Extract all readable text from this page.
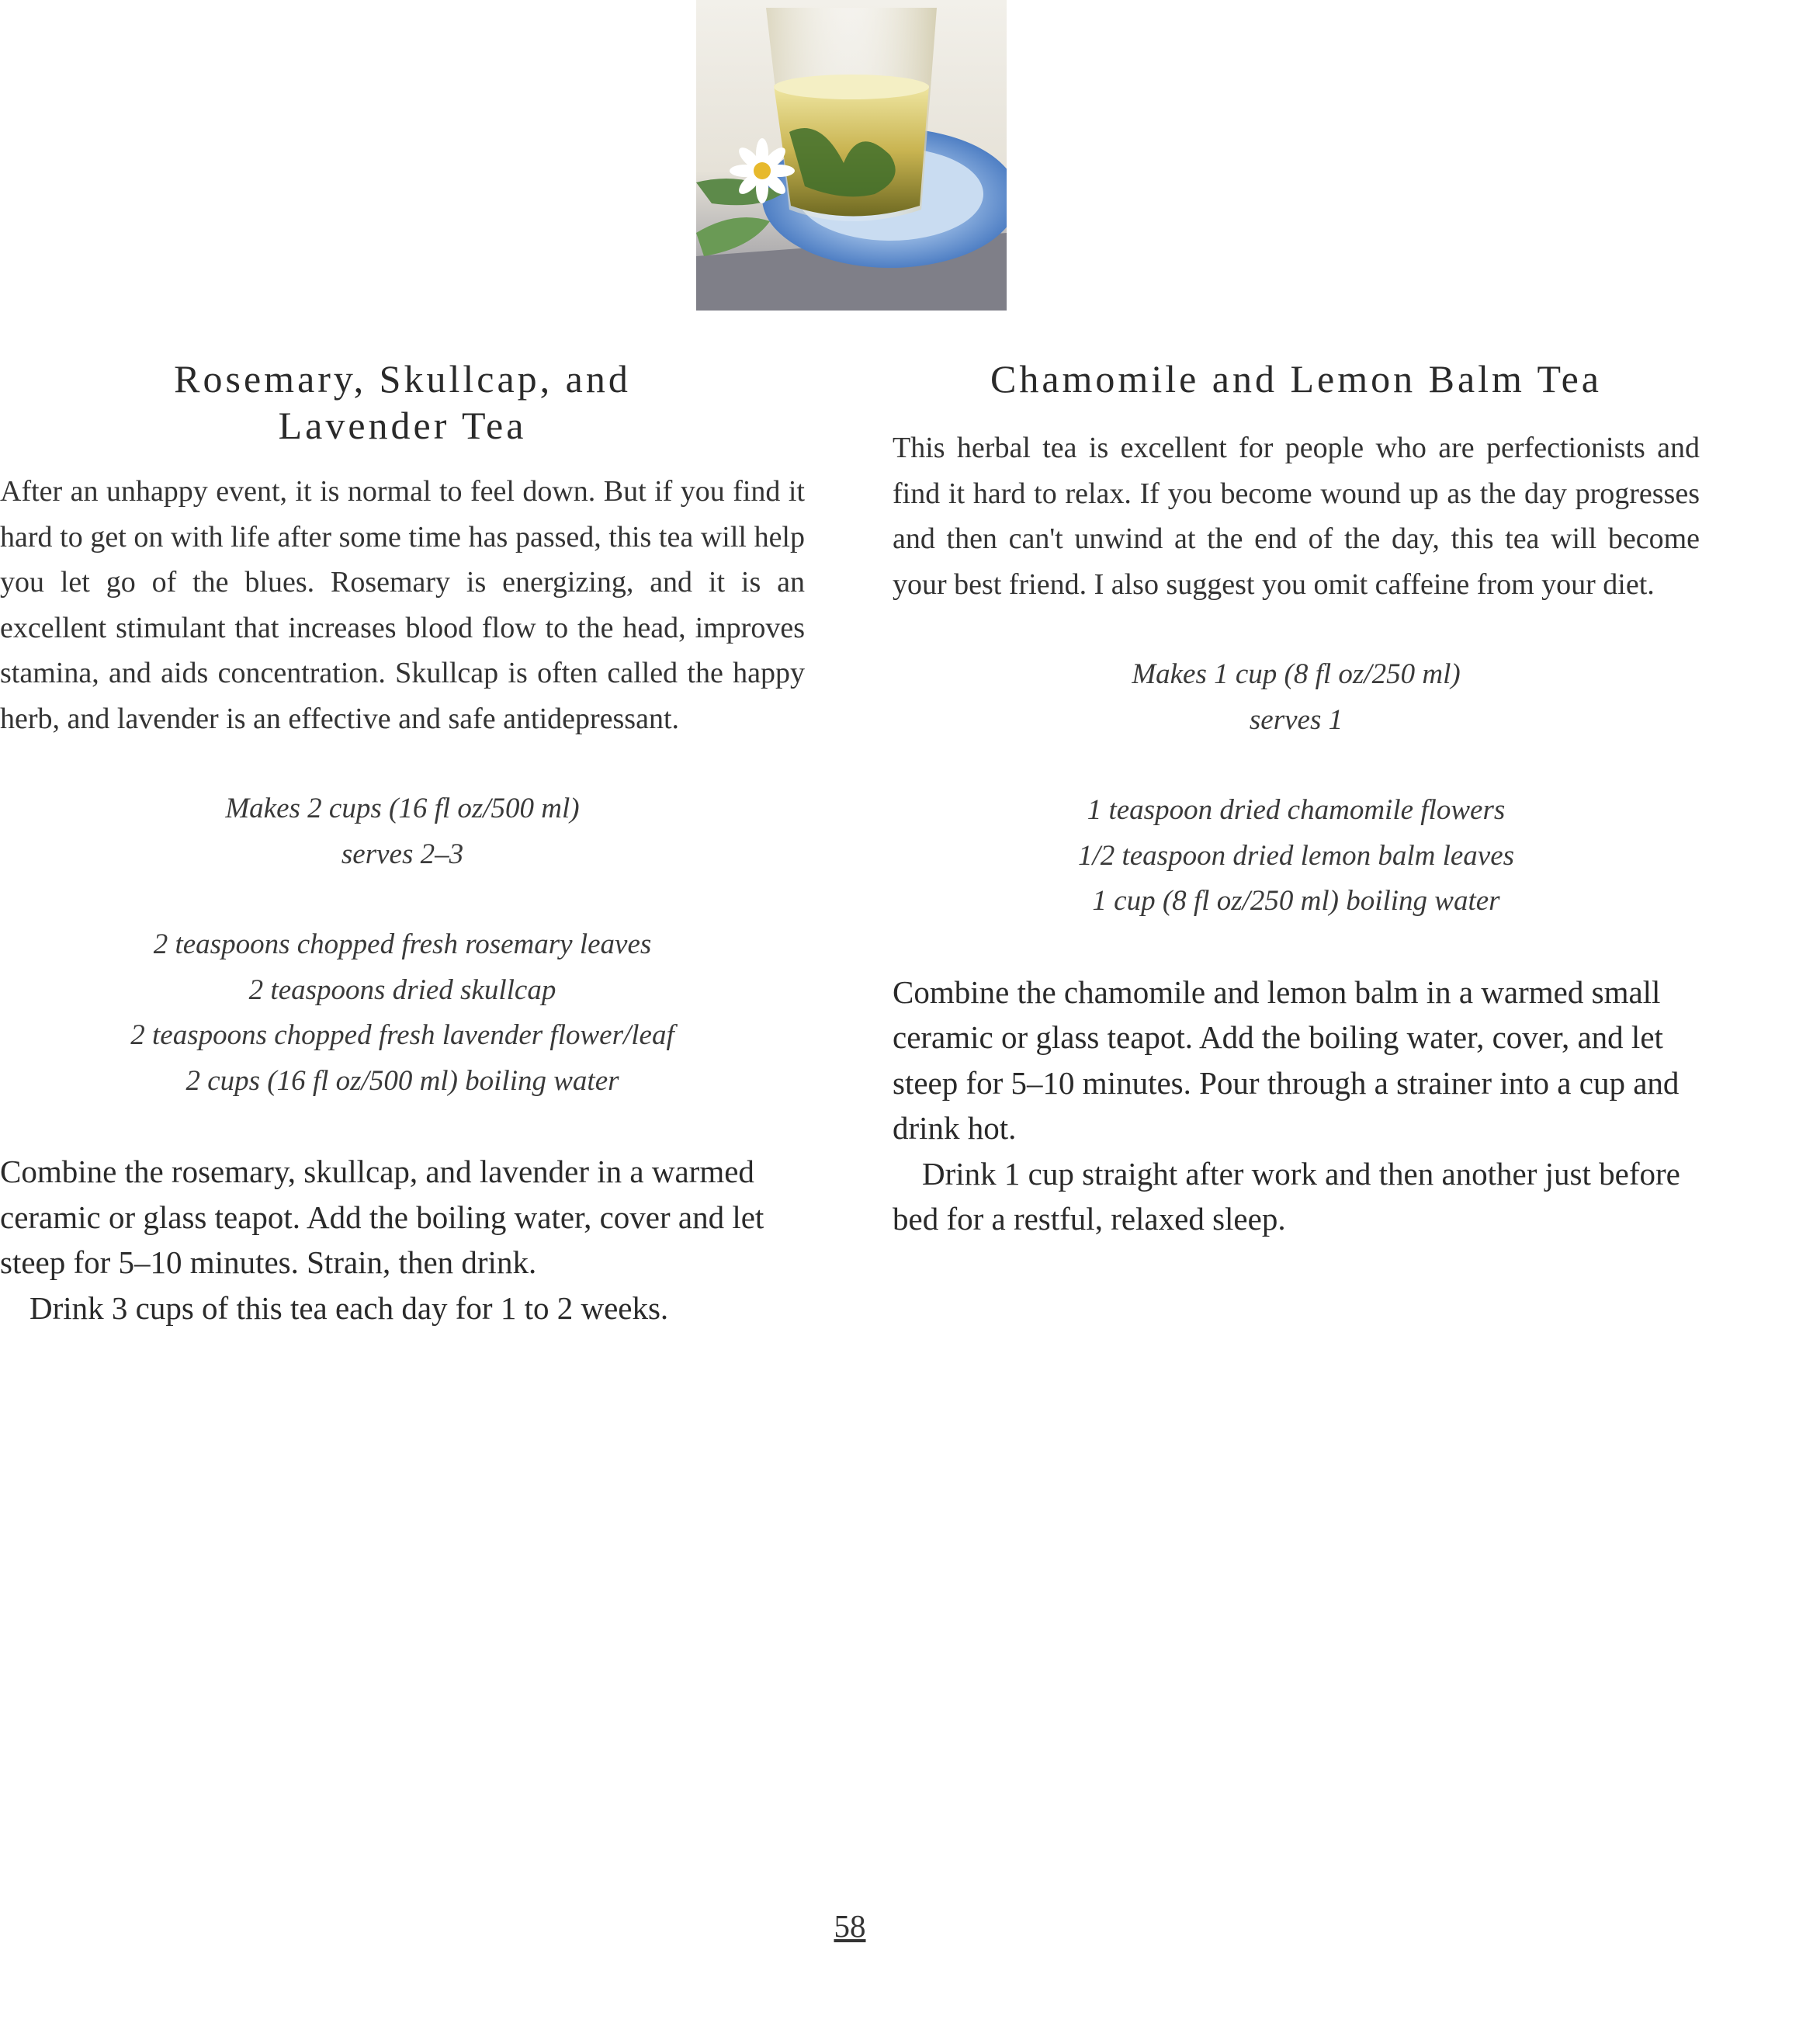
Rosemary, Skullcap, and
Lavender Tea

After an unhappy event, it is normal to feel down. But if you find it hard to get on with life after some time has passed, this tea will help you let go of the blues. Rosemary is energizing, and it is an excellent stimulant that increases blood flow to the head, improves stamina, and aids concentration. Skullcap is often called the happy herb, and lavender is an effective and safe antidepressant.

Makes 2 cups (16 fl oz/500 ml)
serves 2–3
2 teaspoons chopped fresh rosemary leaves
2 teaspoons dried skullcap
2 teaspoons chopped fresh lavender flower/leaf
2 cups (16 fl oz/500 ml) boiling water

Combine the rosemary, skullcap, and lavender in a warmed ceramic or glass teapot. Add the boiling water, cover and let steep for 5–10 minutes. Strain, then drink.

Drink 3 cups of this tea each day for 1 to 2 weeks.

Chamomile and Lemon Balm Tea

This herbal tea is excellent for people who are perfectionists and find it hard to relax. If you become wound up as the day progresses and then can't unwind at the end of the day, this tea will become your best friend. I also suggest you omit caffeine from your diet.

Makes 1 cup (8 fl oz/250 ml)
serves 1
1 teaspoon dried chamomile flowers
1/2 teaspoon dried lemon balm leaves
1 cup (8 fl oz/250 ml) boiling water

Combine the chamomile and lemon balm in a warmed small ceramic or glass teapot. Add the boiling water, cover, and let steep for 5–10 minutes. Pour through a strainer into a cup and drink hot.

Drink 1 cup straight after work and then another just before bed for a restful, relaxed sleep.

58
